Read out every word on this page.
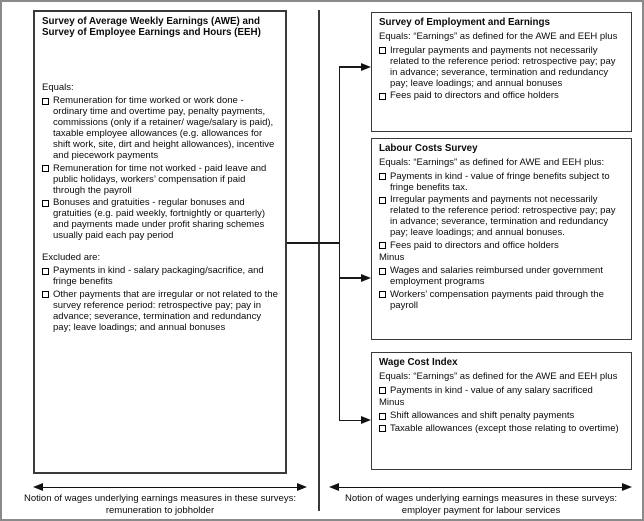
Survey of Average Weekly Earnings (AWE) and Survey of Employee Earnings and Hours (EEH)
Equals:
Remuneration for time worked or work done - ordinary time and overtime pay, penalty payments, commissions (only if a retainer/ wage/salary is paid), taxable employee allowances (e.g. allowances for shift work, site, dirt and height allowances), incentive and piecework payments
Remuneration for time not worked - paid leave and public holidays, workers’ compensation if paid through the payroll
Bonuses and gratuities - regular bonuses and gratuities (e.g. paid weekly, fortnightly or quarterly) and payments made under profit sharing schemes usually paid each pay period
Excluded are:
Payments in kind - salary packaging/sacrifice, and fringe benefits
Other payments that are irregular or not related to the survey reference period: retrospective pay; pay in advance; severance, termination and redundancy pay; leave loadings; and annual bonuses
Survey of Employment and Earnings
Equals: “Earnings” as defined for the AWE and EEH plus
Irregular payments and payments not necessarily related to the reference period: retrospective pay; pay in advance; severance, termination and redundancy pay; leave loadings; and annual bonuses
Fees paid to directors and office holders
Labour Costs Survey
Equals: “Earnings” as defined for AWE and EEH plus:
Payments in kind - value of fringe benefits subject to fringe benefits tax.
Irregular payments and payments not necessarily related to the reference period: retrospective pay; pay in advance; severance, termination and redundancy pay; leave loadings; and annual bonuses.
Fees paid to directors and office holders
Minus
Wages and salaries reimbursed under government employment programs
Workers’ compensation payments paid through the payroll
Wage Cost Index
Equals: “Earnings” as defined for the AWE and EEH plus
Payments in kind - value of any salary sacrificed
Minus
Shift allowances and shift penalty payments
Taxable allowances (except those relating to overtime)
Notion of wages underlying earnings measures in these surveys:
remuneration to jobholder
Notion of wages underlying earnings measures in these surveys:
employer payment for labour services
